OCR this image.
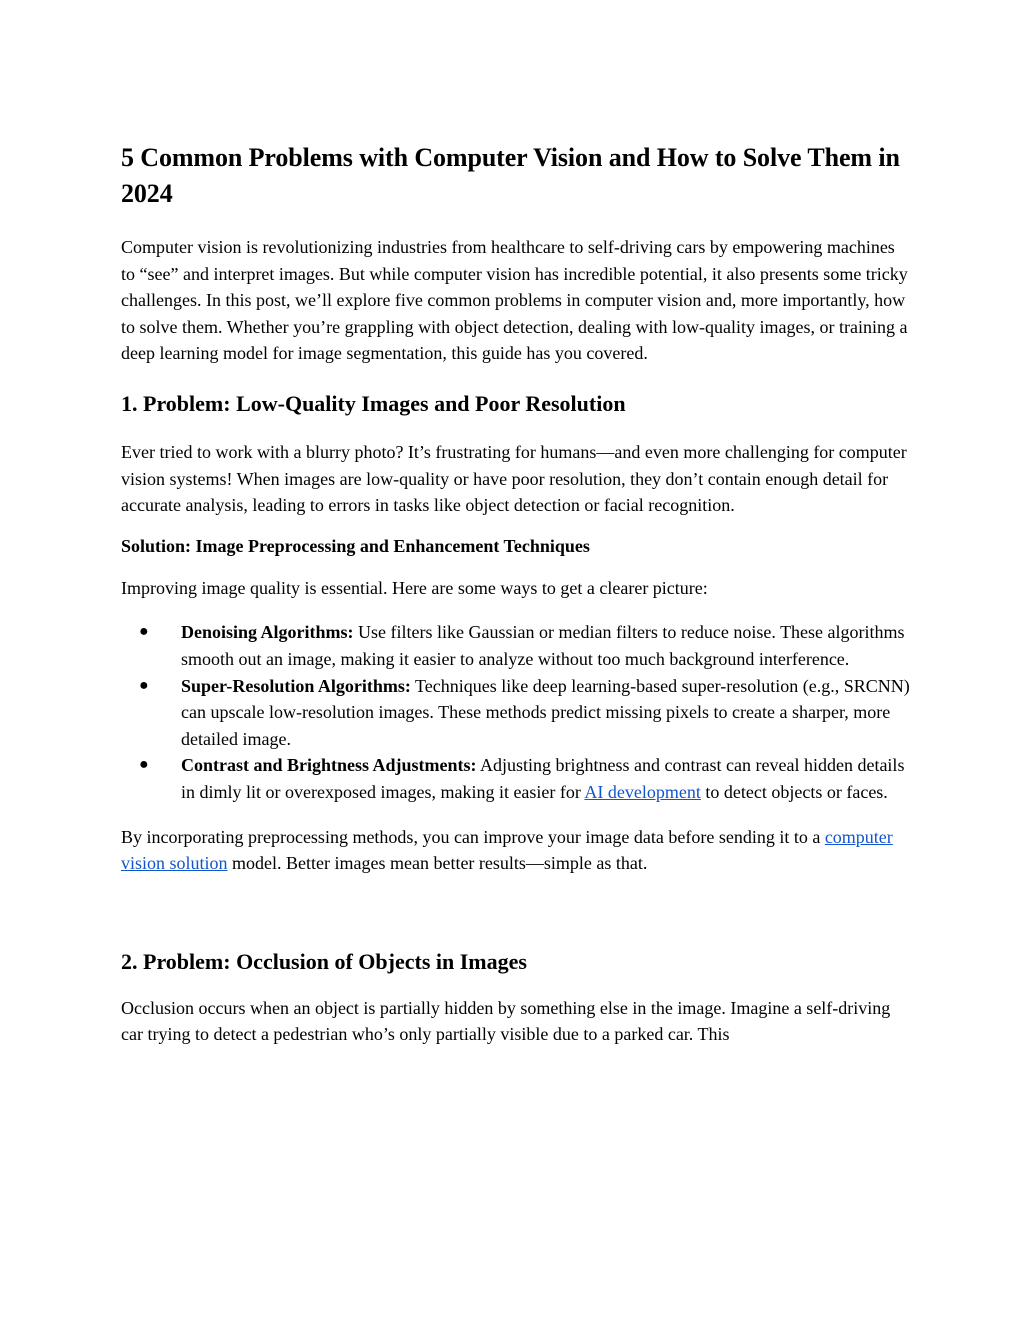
5 Common Problems with Computer Vision and How to Solve Them in 2024

Computer vision is revolutionizing industries from healthcare to self-driving cars by empowering machines to “see” and interpret images. But while computer vision has incredible potential, it also presents some tricky challenges. In this post, we’ll explore five common problems in computer vision and, more importantly, how to solve them. Whether you’re grappling with object detection, dealing with low-quality images, or training a deep learning model for image segmentation, this guide has you covered.

1. Problem: Low-Quality Images and Poor Resolution

Ever tried to work with a blurry photo? It’s frustrating for humans—and even more challenging for computer vision systems! When images are low-quality or have poor resolution, they don’t contain enough detail for accurate analysis, leading to errors in tasks like object detection or facial recognition.

Solution: Image Preprocessing and Enhancement Techniques

Improving image quality is essential. Here are some ways to get a clearer picture:

● Denoising Algorithms: Use filters like Gaussian or median filters to reduce noise. These algorithms smooth out an image, making it easier to analyze without too much background interference.
● Super-Resolution Algorithms: Techniques like deep learning-based super-resolution (e.g., SRCNN) can upscale low-resolution images. These methods predict missing pixels to create a sharper, more detailed image.
● Contrast and Brightness Adjustments: Adjusting brightness and contrast can reveal hidden details in dimly lit or overexposed images, making it easier for AI development to detect objects or faces.

By incorporating preprocessing methods, you can improve your image data before sending it to a computer vision solution model. Better images mean better results—simple as that.

2. Problem: Occlusion of Objects in Images

Occlusion occurs when an object is partially hidden by something else in the image. Imagine a self-driving car trying to detect a pedestrian who’s only partially visible due to a parked car. This
